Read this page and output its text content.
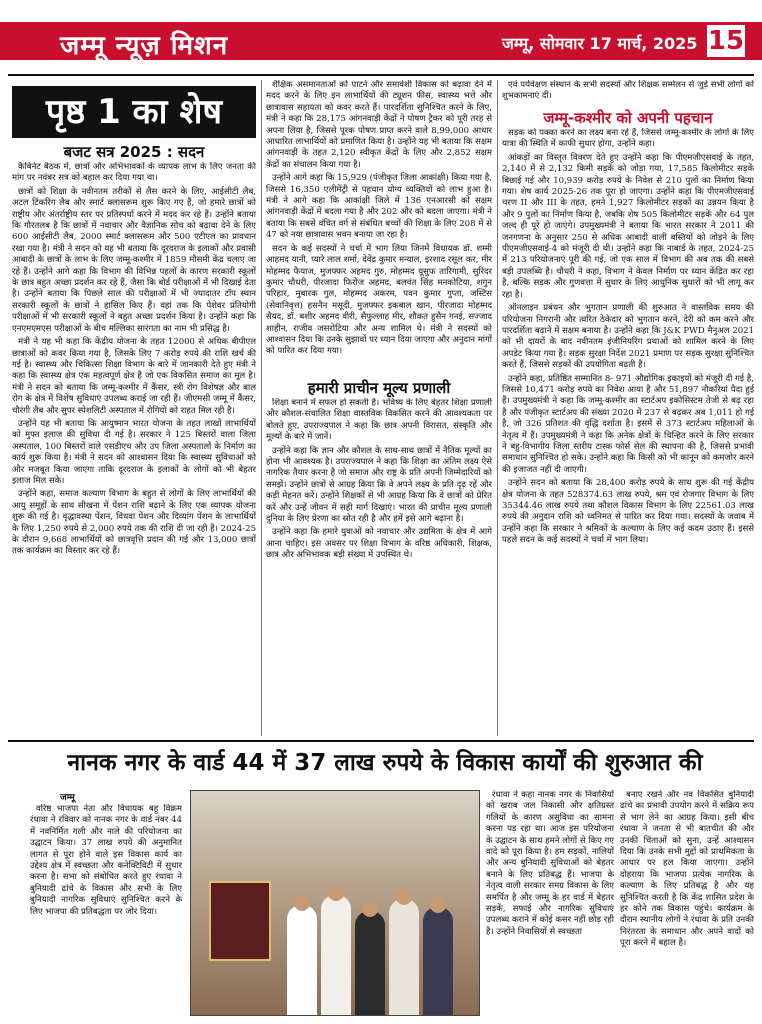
जम्मू न्यूज़ मिशन	जम्मू, सोमवार 17 मार्च, 2025 15
पृष्ठ 1 का शेष
बजट सत्र 2025 : सदन

कैबिनेट बैठक में, छात्रों और अभिभावकों के व्यापक लाभ के लिए जनता की मांग पर नवंबर सत्र को बहाल कर दिया गया था।

छात्रों को शिक्षा के नवीनतम तरीकों से लैस करने के लिए, आईसीटी लैब, अटल टिंकरिंग लैब और स्मार्ट क्लासरूम शुरू किए गए हैं, जो हमारे छात्रों को राष्ट्रीय और अंतर्राष्ट्रीय स्तर पर प्रतिस्पर्धा करने में मदद कर रहे हैं। उन्होंने बताया कि गौरतलब है कि छात्रों में नवाचार और वैज्ञानिक सोच को बढ़ावा देने के लिए 600 आईसीटी लैब, 2000 स्मार्ट क्लासरूम और 500 एटीएल का प्रावधान रखा गया है। मंत्री ने सदन को यह भी बताया कि दूरदराज के इलाकों और प्रवासी आबादी के छात्रों के लाभ के लिए जम्मू-कश्मीर में 1859 मौसमी केंद्र चलाए जा रहे हैं। उन्होंने आगे कहा कि विभाग की विभिन्न पहलों के कारण सरकारी स्कूलों के छात्र बहुत अच्छा प्रदर्शन कर रहे हैं, जैसा कि बोर्ड परीक्षाओं में भी दिखाई देता है। उन्होंने बताया कि पिछले साल की परीक्षाओं में भी ज्यादातर टॉप स्थान सरकारी स्कूलों के छात्रों ने हासिल किए हैं। वहां तक कि पेशेवर प्रतियोगी परीक्षाओं में भी सरकारी स्कूलों ने बहुत अच्छा प्रदर्शन किया है। उन्होंने कहा कि एनएमएमएस परीक्षाओं के बीच मल्लिका सारंगता का नाम भी प्रसिद्ध है।

मंत्री ने यह भी कहा कि केंद्रीय योजना के तहत 12000 से अधिक बीपीएल छात्राओं को कवर किया गया है, जिसके लिए 7 करोड़ रुपये की राशि खर्च की गई है। स्वास्थ्य और चिकित्सा शिक्षा विभाग के बारे में जानकारी देते हुए मंत्री ने कहा कि स्वास्थ्य क्षेत्र एक महत्वपूर्ण क्षेत्र है जो एक विकसित समाज का मूल है। मंत्री ने सदन को बताया कि जम्मू-कश्मीर में कैंसर, स्त्री रोग विशेषज्ञ और बाल रोग के क्षेत्र में विशेष सुविधाएं उपलब्ध कराई जा रही हैं। जीएमसी जम्मू में कैंसर, चौरंगी लैब और सुपर स्पेशलिटी अस्पताल में रोगियों को राहत मिल रही है।

उन्होंने यह भी बताया कि आयुष्मान भारत योजना के तहत लाखों लाभार्थियों को मुफ्त इलाज की सुविधा दी गई है। सरकार ने 125 बिस्तरों वाला जिला अस्पताल, 100 बिस्तरों वाले एसडीएच और उप जिला अस्पतालों के निर्माण का कार्य शुरू किया है। मंत्री ने सदन को आश्वासन दिया कि स्वास्थ्य सुविधाओं को और मजबूत किया जाएगा ताकि दूरदराज के इलाकों के लोगों को भी बेहतर इलाज मिल सके।

उन्होंने कहा, समाज कल्याण विभाग के बहुत से लोगों के लिए लाभार्थियों की आयु समूहों के साथ सीखना में पेंशन राशि बढ़ाने के लिए एक व्यापक योजना शुरू की गई है। वृद्धावस्था पेंशन, विधवा पेंशन और दिव्यांग पेंशन के लाभार्थियों के लिए 1,250 रुपये से 2,000 रुपये तक की राशि दी जा रही है। 2024-25 के दौरान 9,668 लाभार्थियों को छात्रवृत्ति प्रदान की गई और 13,000 छात्रों तक कार्यक्रम का विस्तार कर रहे हैं।

शैक्षिक असमानताओं को पाटने और समावेशी विकास को बढ़ावा देने में मदद करने के लिए इन लाभार्थियों की ट्यूशन फीस, स्वास्थ्य भत्ते और छात्रावास सहायता को कवर करते हैं। पारदर्शिता सुनिश्चित करने के लिए, मंत्री ने कहा कि 28,175 आंगनवाड़ी केंद्रों ने पोषण ट्रैकर को पूरी तरह से अपना लिया है, जिससे पूरक पोषण प्राप्त करने वाले 8,99,000 आधार आधारित लाभार्थियों को प्रमाणित किया है। उन्होंने यह भी बताया कि सक्षम आंगनवाड़ी के तहत 2,120 स्वीकृत केंद्रों के लिए और 2,852 सक्षम केंद्रों का संचालन किया गया है।

उन्होंने आगे कहा कि 15,929 (पंजीकृत जिला आकांक्षी) किया गया है, जिससे 16,350 एलीमेंट्री से पहचान योग्य व्यक्तियों को लाभ हुआ है। मंत्री ने आगे कहा कि आकांक्षी जिले में 136 एनआरसी को सक्षम आंगनवाड़ी केंद्रों में बदला गया है और 202 और को बदला जाएगा। मंत्री ने बताया कि सबसे वंचित वर्ग से संबंधित बच्चों की शिक्षा के लिए 208 में से 47 को नया छात्रावास भवन बनाया जा रहा है।

सदन के कई सदस्यों ने चर्चा में भाग लिया जिनमें विधायक डॉ. शम्मी आहमद यानी, प्यारे लाल शर्मा, देवेंद्र कुमार मन्याल, इरशाद रसूल कर, मीर मोहम्मद फैयाज, मुजफ्फर अहमद गुरु, मोहम्मद यूसुफ तारिगामी, सुरिंदर कुमार चौधरी, पीरजादा फिरोज अहमद, बलवंत सिंह मनकोटिया, शगुन परिहार, मुबारक गुल, मोहम्मद अकरम, पवन कुमार गुप्ता, जस्टिस (सेवानिवृत्त) हसनैन मसूदी, मुजफ्फर इकबाल खान, पीरजादा मोहम्मद सैयद, डॉ. बशीर अहमद वीरी, सैफुल्लाह मीर, शौकत हुसैन गनई, सज्जाद शाहीन, राजीव जसरोटिया और अन्य शामिल थे। मंत्री ने सदस्यों को आश्वासन दिया कि उनके सुझावों पर ध्यान दिया जाएगा और अनुदान मांगों को पारित कर दिया गया।

हमारी प्राचीन मूल्य प्रणाली

शिक्षा बनाने में सफल हो सकती है। भविष्य के लिए बेहतर शिक्षा प्रणाली और कौशल-संचालित शिक्षा वास्तविक विकसित करने की आवश्यकता पर बोलते हुए, उपराज्यपाल ने कहा कि छात्र अपनी विरासत, संस्कृति और मूल्यों के बारे में जानें।

उन्होंने कहा कि ज्ञान और कौशल के साथ-साथ छात्रों में नैतिक मूल्यों का होना भी आवश्यक है। उपराज्यपाल ने कहा कि शिक्षा का अंतिम लक्ष्य ऐसे नागरिक तैयार करना है जो समाज और राष्ट्र के प्रति अपनी जिम्मेदारियों को समझें। उन्होंने छात्रों से आग्रह किया कि वे अपने लक्ष्य के प्रति दृढ़ रहें और कड़ी मेहनत करें। उन्होंने शिक्षकों से भी आग्रह किया कि वे छात्रों को प्रेरित करें और उन्हें जीवन में सही मार्ग दिखाएं। भारत की प्राचीन मूल्य प्रणाली दुनिया के लिए प्रेरणा का स्रोत रही है और हमें इसे आगे बढ़ाना है।

उन्होंने कहा कि हमारे युवाओं को नवाचार और उद्यमिता के क्षेत्र में आगे आना चाहिए। इस अवसर पर शिक्षा विभाग के वरिष्ठ अधिकारी, शिक्षक, छात्र और अभिभावक बड़ी संख्या में उपस्थित थे।

एवं पर्यवेक्षण संस्थान के सभी सदस्यों और शिक्षक सम्मेलन से जुड़े सभी लोगों को शुभकामनाएं दीं।

जम्मू-कश्मीर को अपनी पहचान

सड़क को पक्का करने का लक्ष्य बना रहे हैं, जिससे जम्मू-कश्मीर के लोगों के लिए यात्रा की स्थिति में काफी सुधार होगा, उन्होंने कहा।

आंकड़ों का विस्तृत विवरण देते हुए उन्होंने कहा कि पीएमजीएसवाई के तहत, 2,140 में से 2,132 किमी सड़कें को जोड़ा गया, 17,585 किलोमीटर सड़कें बिछाई गई और 10,939 करोड़ रुपये के निवेश से 210 पुलों का निर्माण किया गया। शेष कार्य 2025-26 तक पूरा हो जाएगा। उन्होंने कहा कि पीएमजीएसवाई चरण II और III के तहत, हमने 1,927 किलोमीटर सड़कों का उन्नयन किया है और 9 पुलों का निर्माण किया है, जबकि शेष 505 किलोमीटर सड़कें और 64 पुल जल्द ही पूरे हो जाएंगे। उपमुख्यमंत्री ने बताया कि भारत सरकार ने 2011 की जनगणना के अनुसार 250 से अधिक आबादी वाली बस्तियों को जोड़ने के लिए पीएमजीएसवाई-4 को मंजूरी दी थी। उन्होंने कहा कि नाबार्ड के तहत, 2024-25 में 213 परियोजनाएं पूरी की गई, जो एक साल में विभाग की अब तक की सबसे बड़ी उपलब्धि है। चौधरी ने कहा, विभाग ने केवल निर्माण पर ध्यान केंद्रित कर रहा है, बल्कि सड़क और गुणवत्ता में सुधार के लिए आधुनिक सुधारों को भी लागू कर रहा है।

ऑनलाइन प्रबंधन और भुगतान प्रणाली की शुरुआत ने वास्तविक समय की परियोजना निगरानी और त्वरित ठेकेदार को भुगतान करने, देरी को कम करने और पारदर्शिता बढ़ाने में सक्षम बनाया है। उन्होंने कहा कि J&K PWD मैनुअल 2021 को भी दायरों के बाद नवीनतम इंजीनियरिंग प्रथाओं को शामिल करने के लिए अपडेट किया गया है। सड़क सुरक्षा निर्देश 2021 प्रमाण पर सड़क सुरक्षा सुनिश्चित करते हैं, जिससे सड़कों की उपयोगिता बढ़ती है।

उन्होंने कहा, प्रतिष्ठित सम्मानित 8- 971 औद्योगिक इकाइयों को मंजूरी दी गई है, जिससे 10,471 करोड़ रुपये का निवेश आया है और 51,897 नौकरियां पैदा हुई हैं। उपमुख्यमंत्री ने कहा कि जम्मू-कश्मीर का स्टार्टअप इकोसिस्टम तेजी से बढ़ रहा है और पंजीकृत स्टार्टअप की संख्या 2020 में 237 से बढ़कर अब 1,011 हो गई है, जो 326 प्रतिशत की वृद्धि दर्शाता है। इसमें से 373 स्टार्टअप महिलाओं के नेतृत्व में हैं। उपमुख्यमंत्री ने कहा कि अनेक क्षेत्रों के चिन्हित करने के लिए सरकार ने बहु-विभागीय जिला स्तरीय टास्क फोर्स सेल की स्थापना की है, जिससे प्रभावी समाधान सुनिश्चित हो सके। उन्होंने कहा कि किसी को भी कानून को कमजोर करने की इजाजत नहीं दी जाएगी।

उन्होंने सदन को बताया कि 28,400 करोड़ रुपये के साथ शुरू की गई केंद्रीय क्षेत्र योजना के तहत 528374.63 लाख रुपये, श्रम एवं रोजगार विभाग के लिए 35344.46 लाख रुपये तथा कौशल विकास विभाग के लिए 22561.03 लाख रुपये की अनुदान राशि को ध्वनिमत से पारित कर दिया गया। सदस्यों के जवाब में उन्होंने कहा कि सरकार ने श्रमिकों के कल्याण के लिए कई कदम उठाए हैं। इससे पहले सदन के कई सदस्यों ने चर्चा में भाग लिया।

नानक नगर के वार्ड 44 में 37 लाख रुपये के विकास कार्यों की शुरुआत की
जम्मू

वरिष्ठ भाजपा नेता और विधायक बहू विक्रम रंधावा ने रविवार को नानक नगर के वार्ड नंबर 44 में नवनिर्मित गली और नाले की परियोजना का उद्घाटन किया। 37 लाख रुपये की अनुमानित लागत से पूरा होने वाले इस विकास कार्य का उद्देश्य क्षेत्र में स्वच्छता और कनेक्टिविटी में सुधार करना है। सभा को संबोधित करते हुए रंधावा ने बुनियादी ढांचे के विकास और सभी के लिए बुनियादी नागरिक सुविधाएं सुनिश्चित करने के लिए भाजपा की प्रतिबद्धता पर जोर दिया।

रंधावा ने कहा नानक नगर के निवासियों को खराब जल निकासी और क्षतिग्रस्त गलियों के कारण असुविधा का सामना करना पड़ रहा था। आज इस परियोजना के उद्घाटन के साथ हमने लोगों से किए गए वादे को पूरा किया है। हम सड़कों, नालियों और अन्य बुनियादी सुविधाओं को बेहतर बनाने के लिए प्रतिबद्ध हैं। भाजपा के नेतृत्व वाली सरकार समग्र विकास के लिए समर्पित है और जम्मू के हर वार्ड में बेहतर सड़कें, सफाई और नागरिक सुविधाएं उपलब्ध कराने में कोई कसर नहीं छोड़ रही है। उन्होंने निवासियों से स्वच्छता

बनाए रखने और नव विकसित बुनियादी ढांचे का प्रभावी उपयोग करने में सक्रिय रूप से भाग लेने का आग्रह किया। इसी बीच रंधावा ने जनता से भी बातचीत की और उनकी चिंताओं को सुना, उन्हें आश्वासन दिया कि उनके सभी मुद्दों को प्राथमिकता के आधार पर हल किया जाएगा। उन्होंने दोहराया कि भाजपा प्रत्येक नागरिक के कल्याण के लिए प्रतिबद्ध है और यह सुनिश्चित करती है कि केंद्र शासित प्रदेश के हर कोने तक विकास पहुंचे। कार्यक्रम के दौरान स्थानीय लोगों ने रंधावा के प्रति उनकी निरंतरता के समाधान और अपने वादों को पूरा करने में बहाल है।
